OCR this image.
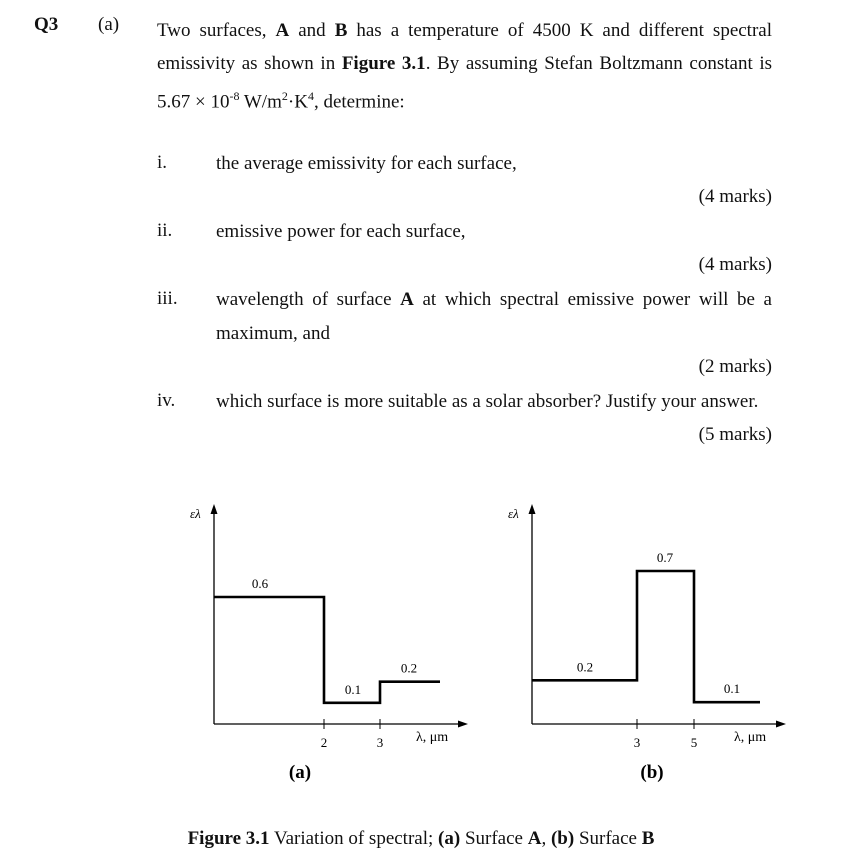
Q3 (a) Two surfaces, A and B has a temperature of 4500 K and different spectral
emissivity as shown in Figure 3.1. By assuming Stefan Boltzmann constant is
$5.67 \times 10^{-8}$ $W/m^2\cdot K^4$, determine:
i.	the average emissivity for each surface,
(4 marks)
ii. emissive power for each surface,
(4 marks)
iii. wavelength of surface A at which spectral emissive power will be a
maximum, and
(2 marks)
iv. which surface is more suitable as a solar absorber? Justify your answer.
(5 marks)
ελ
λ, μm
2	3
0.6
0.1
0.2
(a)
ελ
λ, μm
3	5
0.2
0.7
0.1
(b)
Figure 3.1 Variation of spectral; (a) Surface A, (b) Surface B
